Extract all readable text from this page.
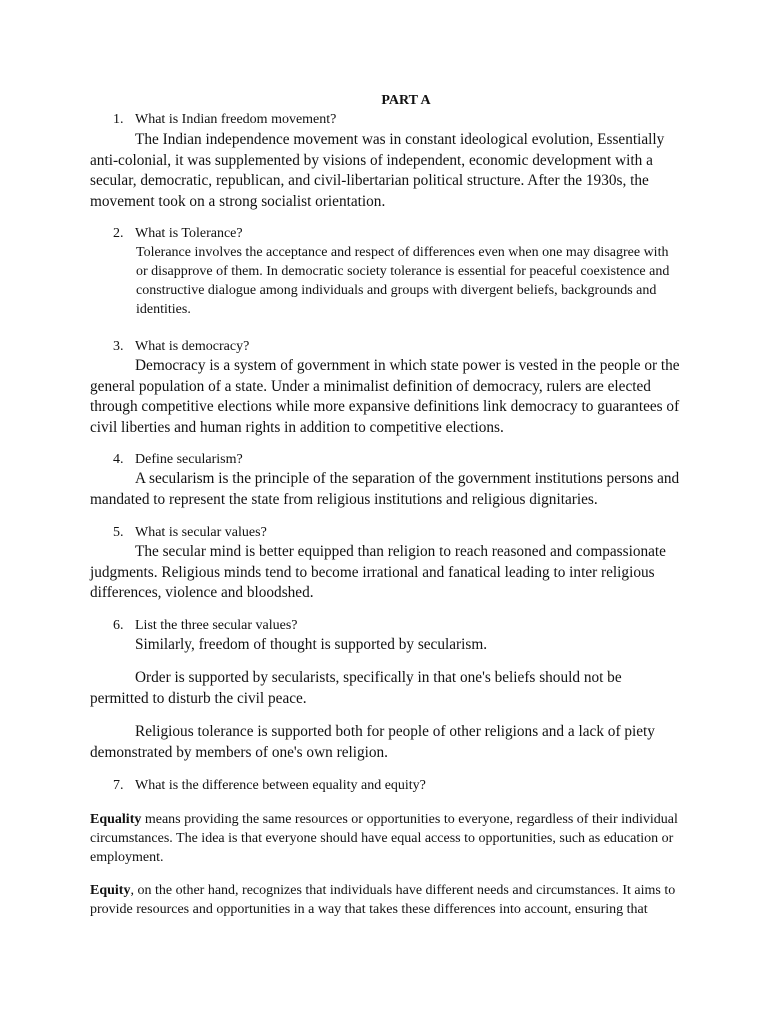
PART A
1. What is Indian freedom movement?
The Indian independence movement was in constant ideological evolution, Essentially anti-colonial, it was supplemented by visions of independent, economic development with a secular, democratic, republican, and civil-libertarian political structure. After the 1930s, the movement took on a strong socialist orientation.
2. What is Tolerance?
Tolerance involves the acceptance and respect of differences even when one may disagree with or disapprove of them. In democratic society tolerance is essential for peaceful coexistence and constructive dialogue among individuals and groups with divergent beliefs, backgrounds and identities.
3. What is democracy?
Democracy is a system of government in which state power is vested in the people or the general population of a state. Under a minimalist definition of democracy, rulers are elected through competitive elections while more expansive definitions link democracy to guarantees of civil liberties and human rights in addition to competitive elections.
4. Define secularism?
A secularism is the principle of the separation of the government institutions persons and mandated to represent the state from religious institutions and religious dignitaries.
5. What is secular values?
The secular mind is better equipped than religion to reach reasoned and compassionate judgments. Religious minds tend to become irrational and fanatical leading to inter religious differences, violence and bloodshed.
6. List the three secular values?
Similarly, freedom of thought is supported by secularism.
Order is supported by secularists, specifically in that one's beliefs should not be permitted to disturb the civil peace.
Religious tolerance is supported both for people of other religions and a lack of piety demonstrated by members of one's own religion.
7. What is the difference between equality and equity?
Equality means providing the same resources or opportunities to everyone, regardless of their individual circumstances. The idea is that everyone should have equal access to opportunities, such as education or employment.
Equity, on the other hand, recognizes that individuals have different needs and circumstances. It aims to provide resources and opportunities in a way that takes these differences into account, ensuring that
